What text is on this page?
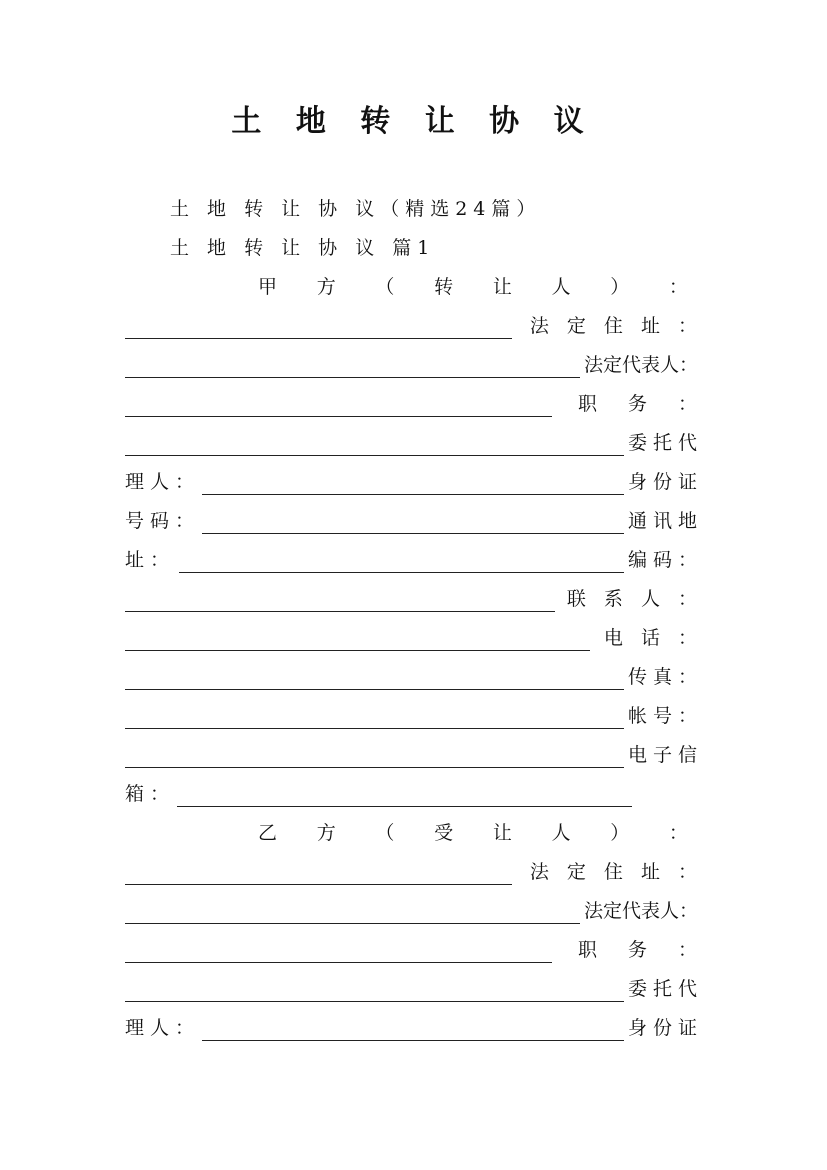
土 地 转 让 协 议
土 地 转 让 协 议（精选24篇）
土 地 转 让 协 议 篇1
甲 方 （ 转 让 人 ） ：
法 定 住 址 ：
法定代表人：
职　务　：
委托代
理人：	身份证
号码：	通讯地
址：	编码：
联 系 人 ：
电 话 ：
传真：
帐号：
电子信
箱：
乙 方 （ 受 让 人 ） ：
法 定 住 址 ：
法定代表人：
职　务　：
委托代
理人：	身份证
